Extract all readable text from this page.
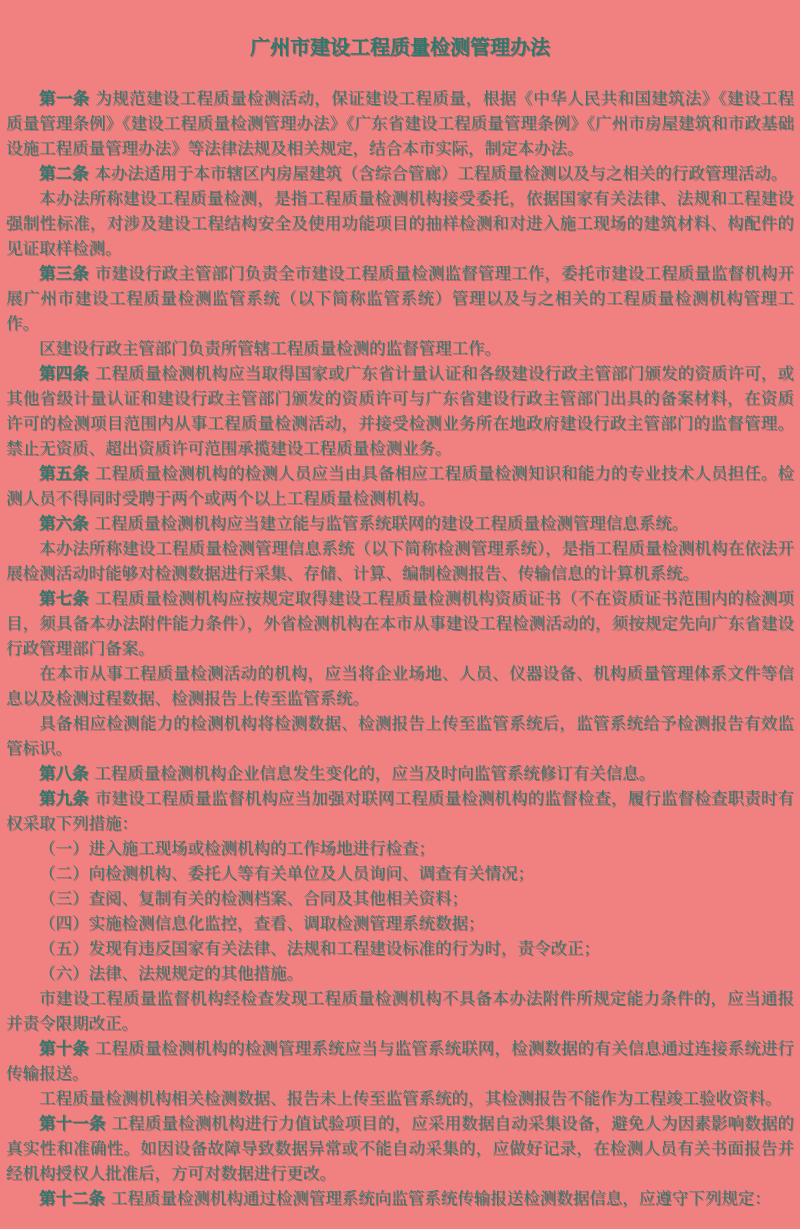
广州市建设工程质量检测管理办法

第一条 为规范建设工程质量检测活动，保证建设工程质量，根据《中华人民共和国建筑法》《建设工程质量管理条例》《建设工程质量检测管理办法》《广东省建设工程质量管理条例》《广州市房屋建筑和市政基础设施工程质量管理办法》等法律法规及相关规定，结合本市实际，制定本办法。

第二条 本办法适用于本市辖区内房屋建筑（含综合管廊）工程质量检测以及与之相关的行政管理活动。

本办法所称建设工程质量检测，是指工程质量检测机构接受委托，依据国家有关法律、法规和工程建设强制性标准，对涉及建设工程结构安全及使用功能项目的抽样检测和对进入施工现场的建筑材料、构配件的见证取样检测。

第三条 市建设行政主管部门负责全市建设工程质量检测监督管理工作，委托市建设工程质量监督机构开展广州市建设工程质量检测监管系统（以下简称监管系统）管理以及与之相关的工程质量检测机构管理工作。

区建设行政主管部门负责所管辖工程质量检测的监督管理工作。

第四条 工程质量检测机构应当取得国家或广东省计量认证和各级建设行政主管部门颁发的资质许可，或其他省级计量认证和建设行政主管部门颁发的资质许可与广东省建设行政主管部门出具的备案材料，在资质许可的检测项目范围内从事工程质量检测活动，并接受检测业务所在地政府建设行政主管部门的监督管理。禁止无资质、超出资质许可范围承揽建设工程质量检测业务。

第五条 工程质量检测机构的检测人员应当由具备相应工程质量检测知识和能力的专业技术人员担任。检测人员不得同时受聘于两个或两个以上工程质量检测机构。

第六条 工程质量检测机构应当建立能与监管系统联网的建设工程质量检测管理信息系统。

本办法所称建设工程质量检测管理信息系统（以下简称检测管理系统），是指工程质量检测机构在依法开展检测活动时能够对检测数据进行采集、存储、计算、编制检测报告、传输信息的计算机系统。

第七条 工程质量检测机构应按规定取得建设工程质量检测机构资质证书（不在资质证书范围内的检测项目，须具备本办法附件能力条件），外省检测机构在本市从事建设工程检测活动的，须按规定先向广东省建设行政管理部门备案。

在本市从事工程质量检测活动的机构，应当将企业场地、人员、仪器设备、机构质量管理体系文件等信息以及检测过程数据、检测报告上传至监管系统。

具备相应检测能力的检测机构将检测数据、检测报告上传至监管系统后，监管系统给予检测报告有效监管标识。

第八条 工程质量检测机构企业信息发生变化的，应当及时向监管系统修订有关信息。

第九条 市建设工程质量监督机构应当加强对联网工程质量检测机构的监督检查，履行监督检查职责时有权采取下列措施：

（一）进入施工现场或检测机构的工作场地进行检查；

（二）向检测机构、委托人等有关单位及人员询问、调查有关情况；

（三）查阅、复制有关的检测档案、合同及其他相关资料；

（四）实施检测信息化监控，查看、调取检测管理系统数据；

（五）发现有违反国家有关法律、法规和工程建设标准的行为时，责令改正；

（六）法律、法规规定的其他措施。

市建设工程质量监督机构经检查发现工程质量检测机构不具备本办法附件所规定能力条件的，应当通报并责令限期改正。

第十条 工程质量检测机构的检测管理系统应当与监管系统联网，检测数据的有关信息通过连接系统进行传输报送。

工程质量检测机构相关检测数据、报告未上传至监管系统的，其检测报告不能作为工程竣工验收资料。

第十一条 工程质量检测机构进行力值试验项目的，应采用数据自动采集设备，避免人为因素影响数据的真实性和准确性。如因设备故障导致数据异常或不能自动采集的，应做好记录，在检测人员有关书面报告并经机构授权人批准后，方可对数据进行更改。

第十二条 工程质量检测机构通过检测管理系统向监管系统传输报送检测数据信息，应遵守下列规定：
